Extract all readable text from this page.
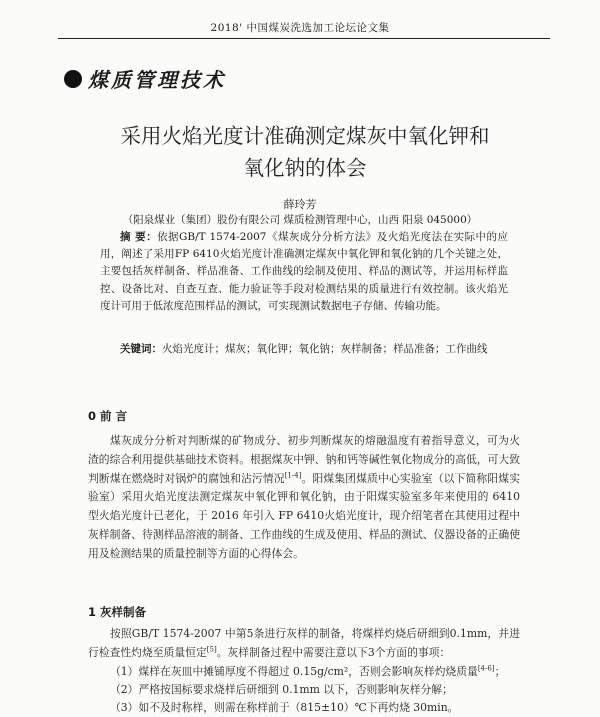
2018' 中国煤炭洗选加工论坛论文集
煤质管理技术
采用火焰光度计准确测定煤灰中氧化钾和
氧化钠的体会
薛玲芳
（阳泉煤业（集团）股份有限公司 煤质检测管理中心，山西 阳泉 045000）
摘 要：依据GB/T 1574-2007《煤灰成分分析方法》及火焰光度法在实际中的应用，阐述了采用FP 6410火焰光度计准确测定煤灰中氧化钾和氧化钠的几个关键之处，主要包括灰样制备、样品准备、工作曲线的绘制及使用、样品的测试等，并运用标样监控、设备比对、自查互查、能力验证等手段对检测结果的质量进行有效控制。该火焰光度计可用于低浓度范围样品的测试，可实现测试数据电子存储、传输功能。
关键词：火焰光度计；煤灰；氧化钾；氧化钠；灰样制备；样品准备；工作曲线
0 前 言
煤灰成分分析对判断煤的矿物成分、初步判断煤灰的熔融温度有着指导意义，可为火渣的综合利用提供基础技术资料。根据煤灰中钾、钠和钙等碱性氧化物成分的高低，可大致判断煤在燃烧时对锅炉的腐蚀和沾污情况[1-4]。阳煤集团煤质中心实验室（以下简称阳煤实验室）采用火焰光度法测定煤灰中氧化钾和氧化钠，由于阳煤实验室多年来使用的 6410 型火焰光度计已老化，于 2016 年引入 FP 6410火焰光度计，现介绍笔者在其使用过程中灰样制备、待测样品溶液的制备、工作曲线的生成及使用、样品的测试、仪器设备的正确使用及检测结果的质量控制等方面的心得体会。
1 灰样制备
按照GB/T 1574-2007 中第5条进行灰样的制备，将煤样灼烧后研细到0.1mm，并进行检查性灼烧至质量恒定[5]。灰样制备过程中需要注意以下3个方面的事项：
（1）煤样在灰皿中摊铺厚度不得超过 0.15g/cm²，否则会影响灰样灼烧质量[4-6]；
（2）严格按国标要求烧样后研细到 0.1mm 以下，否则影响灰样分解；
（3）如不及时称样，则需在称样前于（815±10）℃下再灼烧 30min。
